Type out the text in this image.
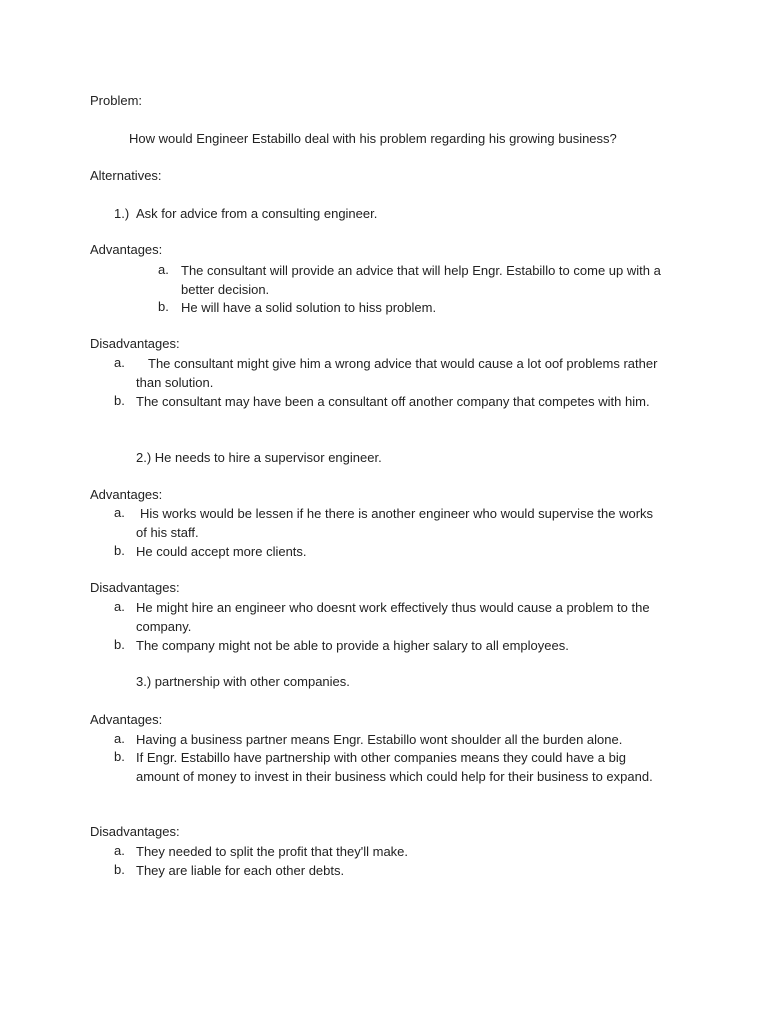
Problem:
How would Engineer Estabillo deal with his problem regarding his growing business?
Alternatives:
1.) Ask for advice from a consulting engineer.
Advantages:
a. The consultant will provide an advice that will help Engr. Estabillo to come up with a better decision.
b. He will have a solid solution to hiss problem.
Disadvantages:
a.	The consultant might give him a wrong advice that would cause a lot oof problems rather than solution.
b. The consultant may have been a consultant off another company that competes with him.
2.) He needs to hire a supervisor engineer.
Advantages:
a.	His works would be lessen if he there is another engineer who would supervise the works of his staff.
b. He could accept more clients.
Disadvantages:
a. He might hire an engineer who doesnt work effectively thus would cause a problem to the company.
b. The company might not be able to provide a higher salary to all employees.
3.) partnership with other companies.
Advantages:
a. Having a business partner means Engr. Estabillo wont shoulder all the burden alone.
b. If Engr. Estabillo have partnership with other companies means they could have a big amount of money to invest in their business which could help for their business to expand.
Disadvantages:
a. They needed to split the profit that they'll make.
b. They are liable for each other debts.
